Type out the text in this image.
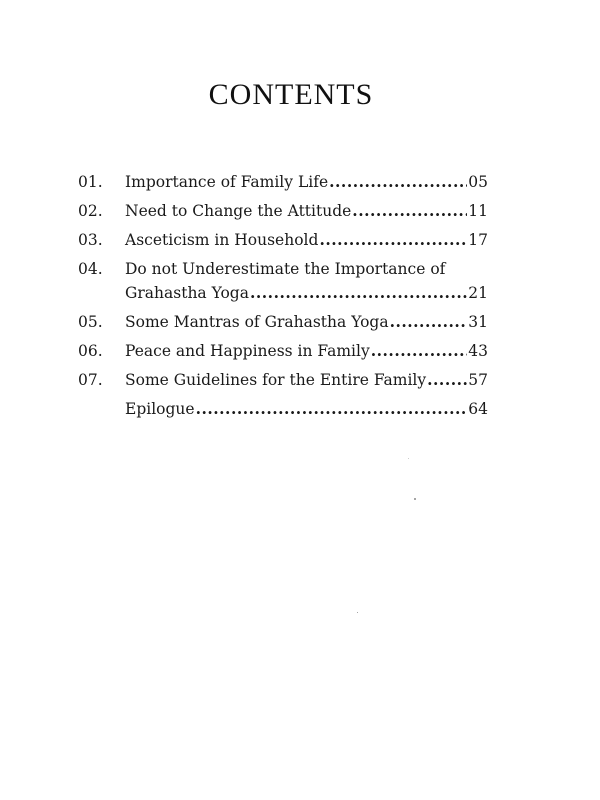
CONTENTS
01.	Importance of Family Life .....	05
02.	Need to Change the Attitude .....	11
03.	Asceticism in Household .....	17
04.	Do not Underestimate the Importance of
Grahastha Yoga .....	21
05.	Some Mantras of Grahastha Yoga .....	31
06.	Peace and Happiness in Family .....	43
07.	Some Guidelines for the Entire Family .....	57
Epilogue .....	64
